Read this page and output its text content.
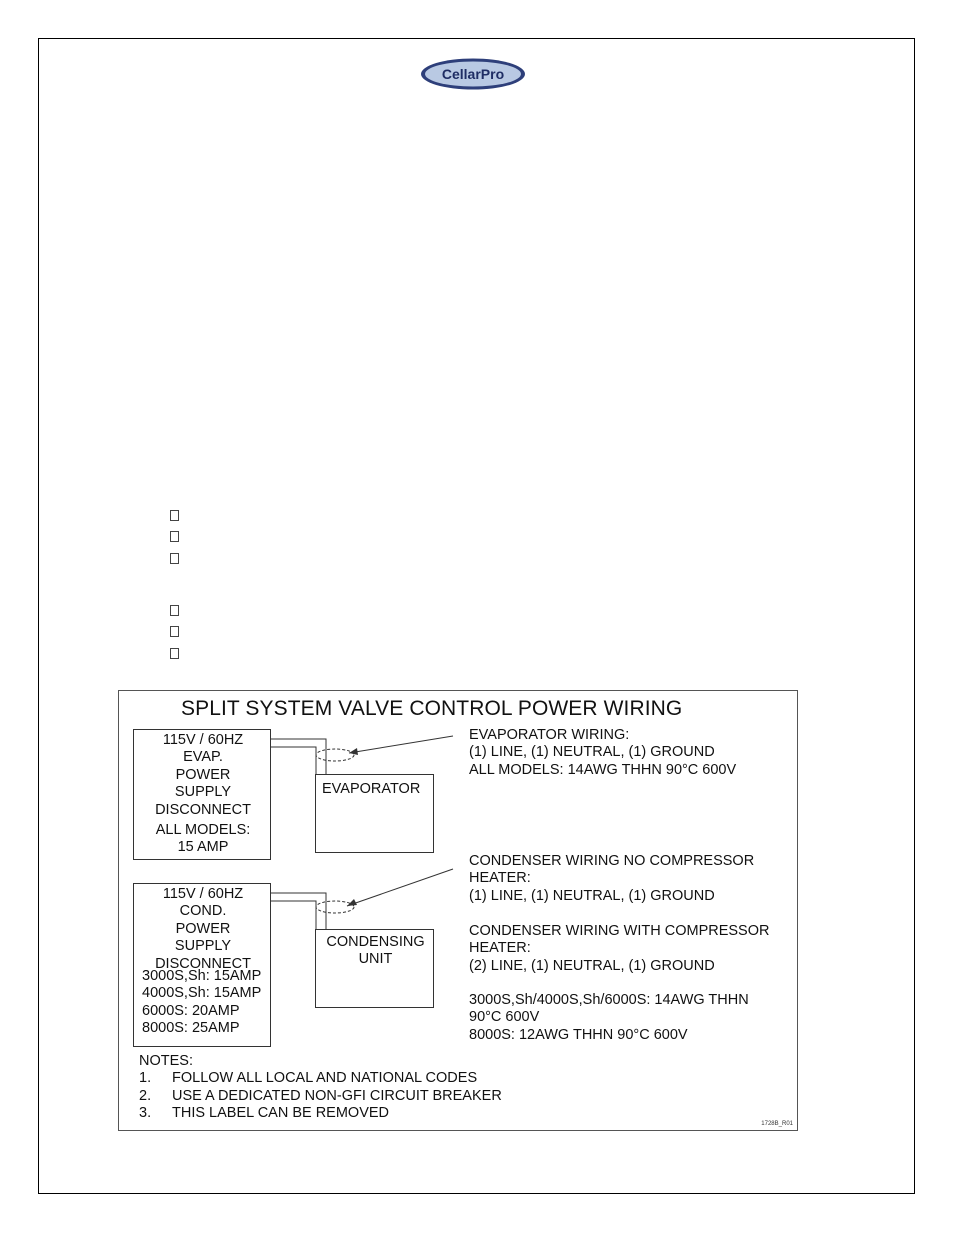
CellarPro
SPLIT SYSTEM VALVE CONTROL POWER WIRING
115V / 60HZ
EVAP.
POWER
SUPPLY
DISCONNECT
ALL MODELS:
15 AMP
EVAPORATOR
EVAPORATOR WIRING:
(1) LINE, (1) NEUTRAL, (1) GROUND
ALL MODELS: 14AWG THHN 90°C 600V
115V / 60HZ
COND.
POWER
SUPPLY
DISCONNECT
3000S,Sh: 15AMP
4000S,Sh: 15AMP
6000S: 20AMP
8000S: 25AMP
CONDENSING
UNIT
CONDENSER WIRING NO COMPRESSOR
HEATER:
(1) LINE, (1) NEUTRAL, (1) GROUND
CONDENSER WIRING WITH COMPRESSOR
HEATER:
(2) LINE, (1) NEUTRAL, (1) GROUND
3000S,Sh/4000S,Sh/6000S: 14AWG THHN
90°C 600V
8000S: 12AWG THHN 90°C 600V
NOTES:
1. FOLLOW ALL LOCAL AND NATIONAL CODES
2. USE A DEDICATED NON-GFI CIRCUIT BREAKER
3. THIS LABEL CAN BE REMOVED
1728B_R01
